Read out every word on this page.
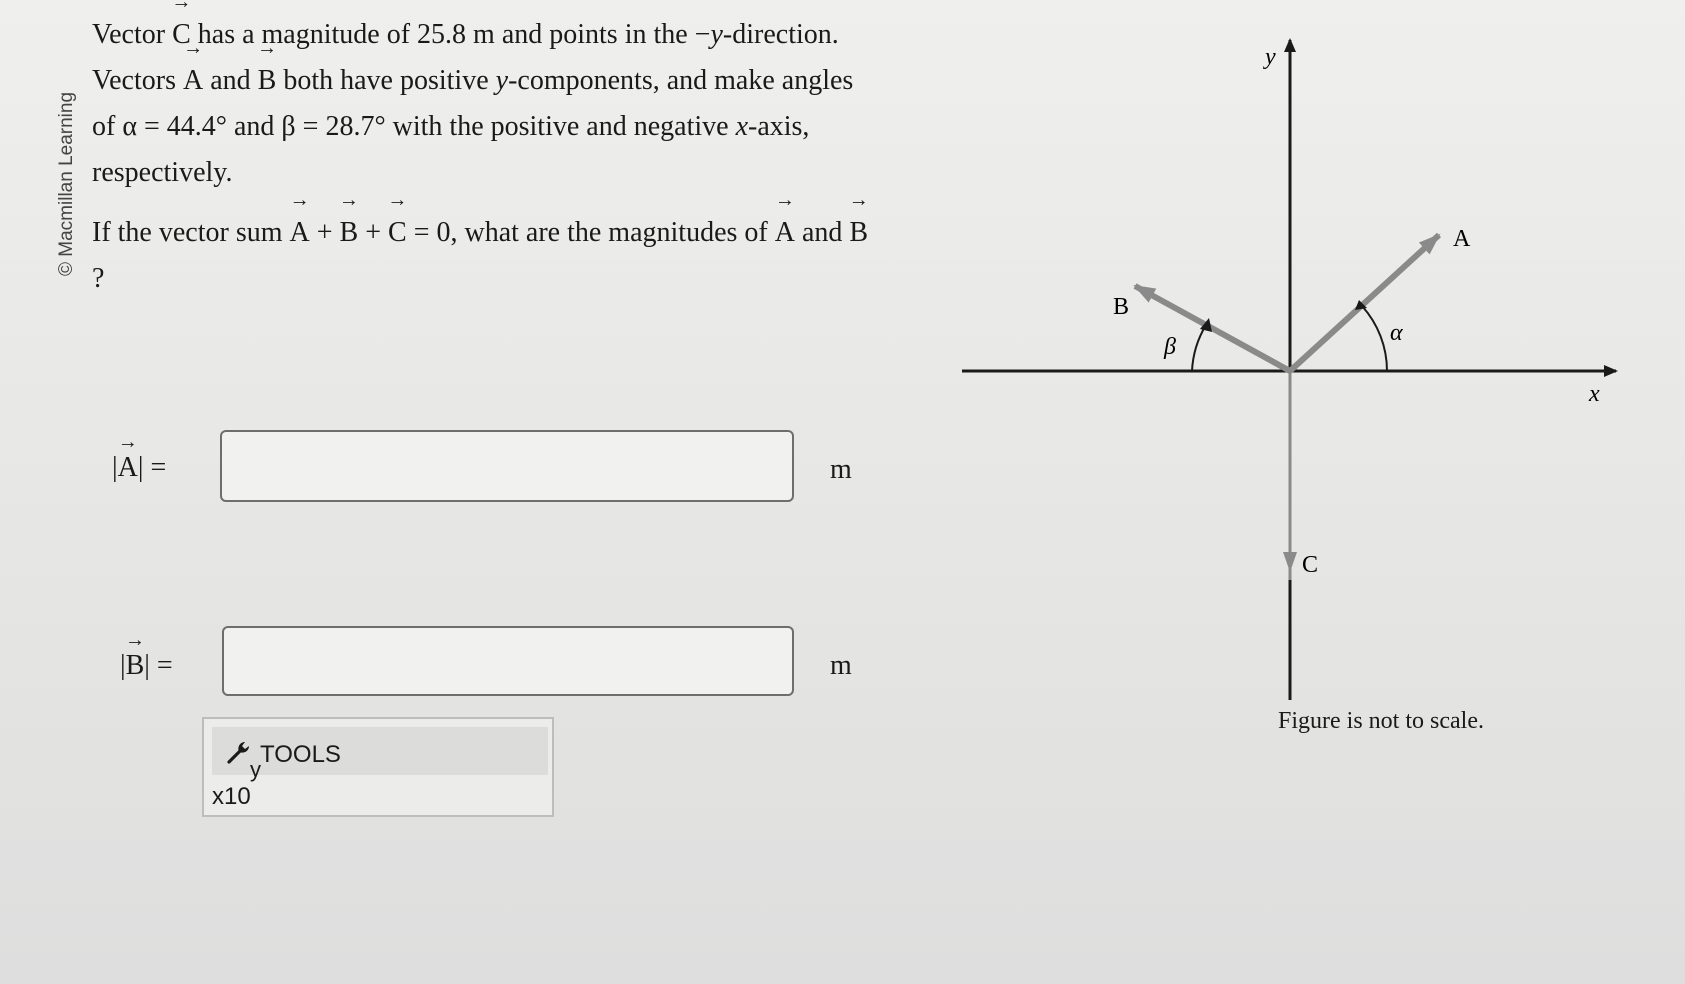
© Macmillan Learning

Vector → C has a magnitude of 25.8 m and points in the −y-direction. Vectors → A and → B both have positive y-components, and make angles of α = 44.4° and β = 28.7° with the positive and negative x-axis, respectively.

If the vector sum → A + → B + → C = 0, what are the magnitudes of → A and → B?

|→ A| =	m
|→ B| =	m
y
TOOLS
x10
y
x
A
B
C
α
β
Figure is not to scale.
